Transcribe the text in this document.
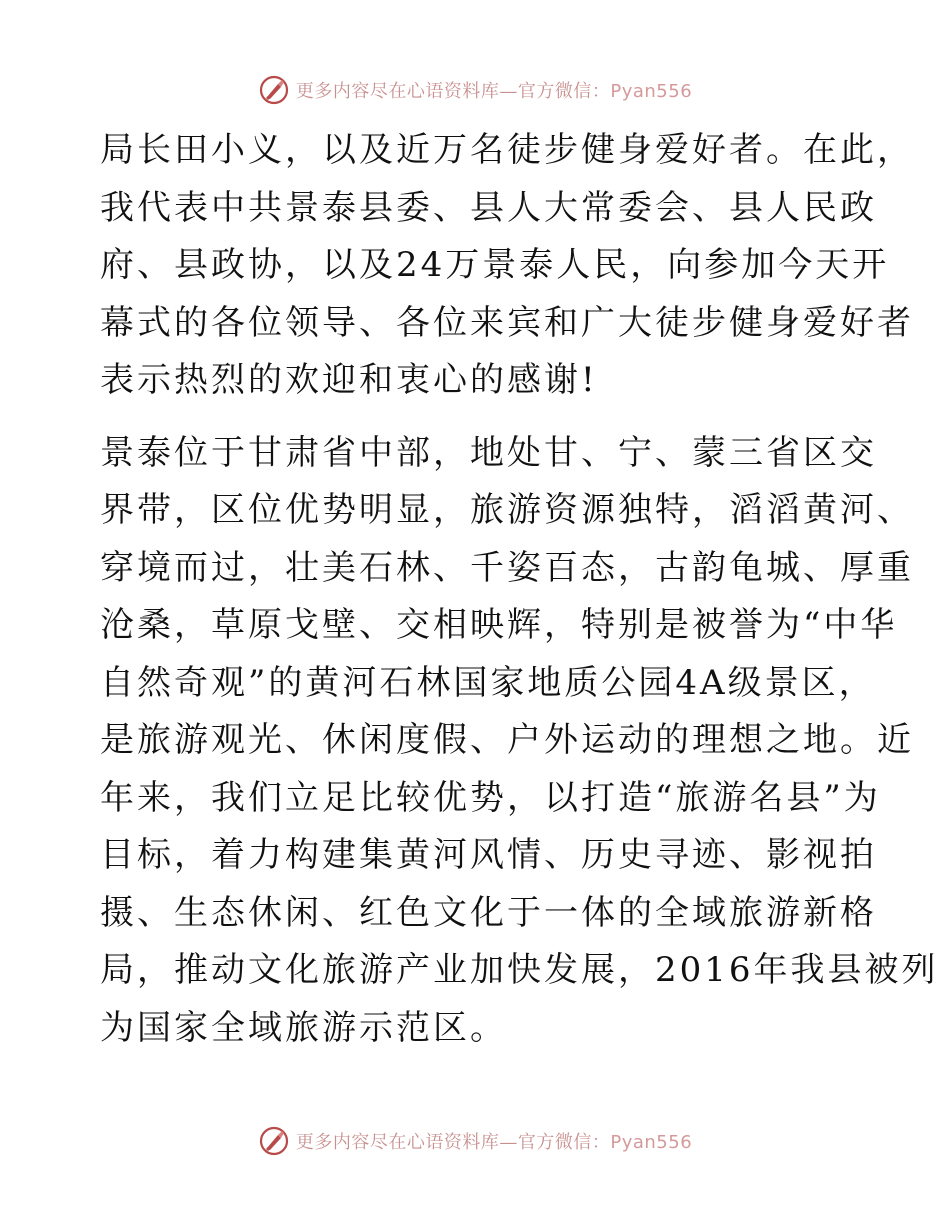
更多内容尽在心语资料库—官方微信：Pyan556

局长田小义，以及近万名徒步健身爱好者。在此，
我代表中共景泰县委、县人大常委会、县人民政
府、县政协，以及24万景泰人民，向参加今天开
幕式的各位领导、各位来宾和广大徒步健身爱好者
表示热烈的欢迎和衷心的感谢!

景泰位于甘肃省中部，地处甘、宁、蒙三省区交
界带，区位优势明显，旅游资源独特，滔滔黄河、
穿境而过，壮美石林、千姿百态，古韵龟城、厚重
沧桑，草原戈壁、交相映辉，特别是被誉为“中华
自然奇观”的黄河石林国家地质公园4A级景区，
是旅游观光、休闲度假、户外运动的理想之地。近
年来，我们立足比较优势，以打造“旅游名县”为
目标，着力构建集黄河风情、历史寻迹、影视拍
摄、生态休闲、红色文化于一体的全域旅游新格
局，推动文化旅游产业加快发展，2016年我县被列
为国家全域旅游示范区。

更多内容尽在心语资料库—官方微信：Pyan556
